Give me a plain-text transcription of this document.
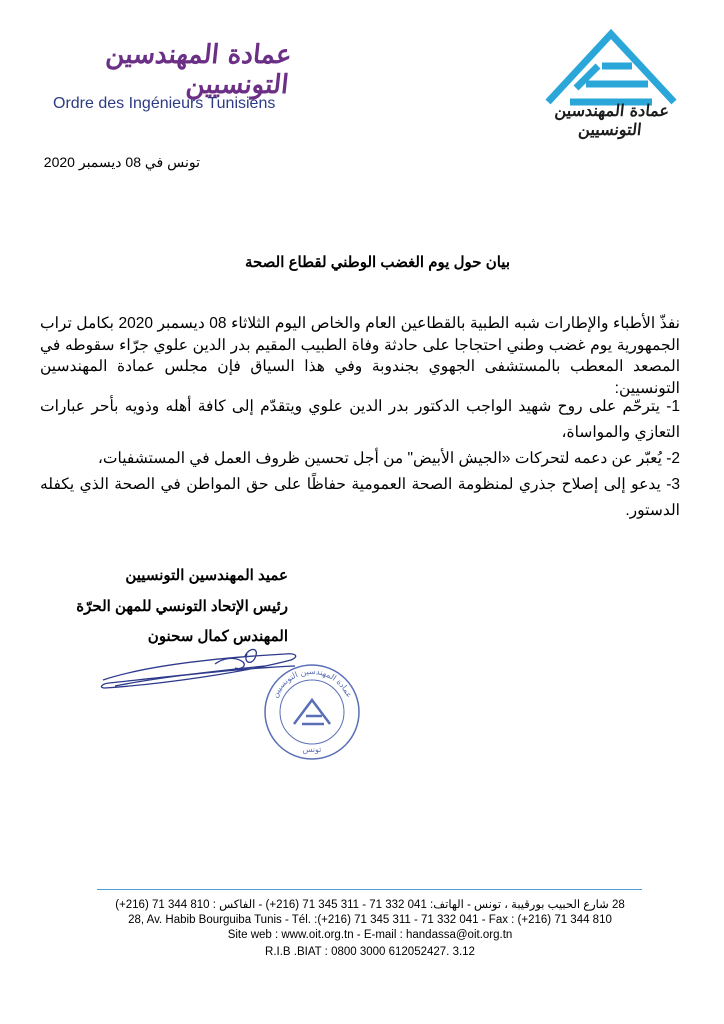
عمادة المهندسين التونسيين
Ordre des Ingénieurs Tunisiens	عمادة المهندسين التونسيين
تونس في 08 ديسمبر 2020
بيان حول يوم الغضب الوطني لقطاع الصحة
نفذّ الأطباء والإطارات شبه الطبية بالقطاعين العام والخاص اليوم الثلاثاء 08 ديسمبر 2020 بكامل تراب الجمهورية يوم غضب وطني احتجاجا على حادثة وفاة الطبيب المقيم بدر الدين علوي جرّاء سقوطه في المصعد المعطب بالمستشفى الجهوي بجندوبة وفي هذا السياق فإن مجلس عمادة المهندسين التونسيين:
1- يترحّم على روح شهيد الواجب الدكتور بدر الدين علوي ويتقدّم إلى كافة أهله وذويه بأحر عبارات التعازي والمواساة،
2- يُعبّر عن دعمه لتحركات «الجيش الأبيض" من أجل تحسين ظروف العمل في المستشفيات،
3- يدعو إلى إصلاح جذري لمنظومة الصحة العمومية حفاظًا على حق المواطن في الصحة الذي يكفله الدستور.
عميد المهندسين التونسيين
رئيس الإتحاد التونسي للمهن الحرّة
المهندس كمال سحنون
عمادة المهندسين التونسيين
تونس
28 شارع الحبيب بورقيبة ، تونس - الهاتف: 041 332 71 - 311 345 71 (216+) - الفاكس : 810 344 71 (216+)
28, Av. Habib Bourguiba Tunis - Tél. :(+216) 71 345 311 - 71 332 041 - Fax : (+216) 71 344 810
Site web : www.oit.org.tn - E-mail : handassa@oit.org.tn
R.I.B .BIAT : 0800 3000 612052427. 3.12
